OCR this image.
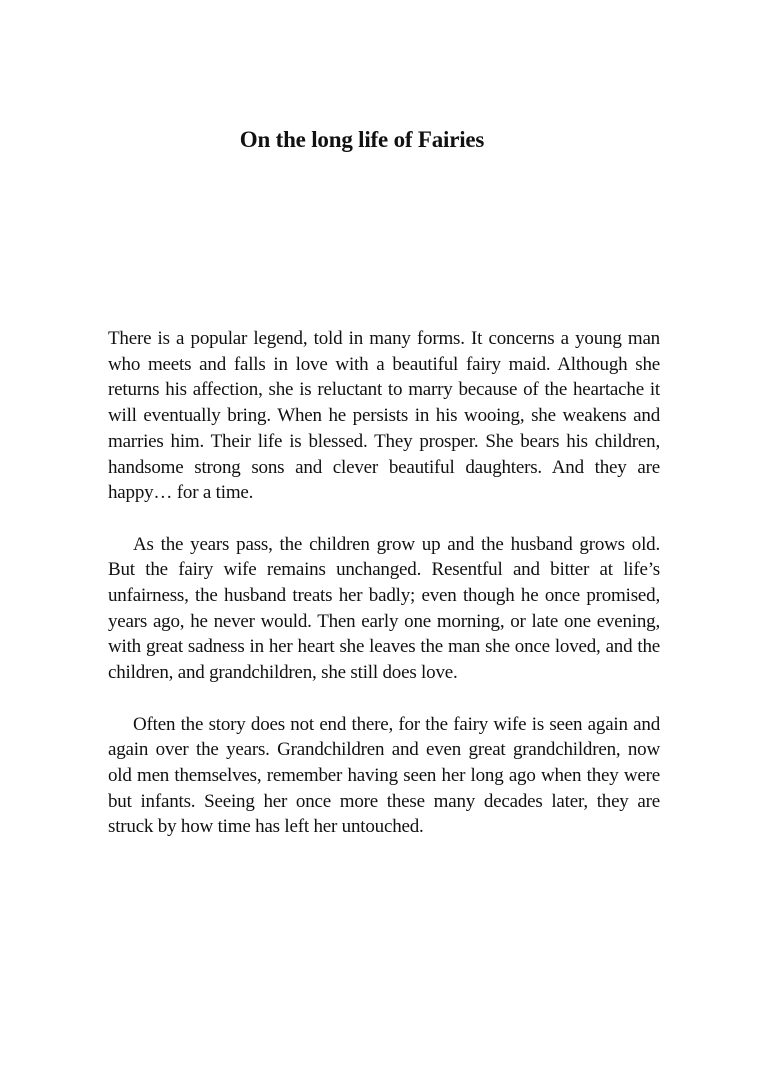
On the long life of Fairies

There is a popular legend, told in many forms. It concerns a young man who meets and falls in love with a beautiful fairy maid. Although she returns his affection, she is reluctant to marry because of the heartache it will eventually bring. When he persists in his wooing, she weakens and marries him. Their life is blessed. They prosper. She bears his children, handsome strong sons and clever beautiful daughters. And they are happy… for a time.

As the years pass, the children grow up and the husband grows old. But the fairy wife remains unchanged. Resentful and bitter at life’s unfairness, the husband treats her badly; even though he once promised, years ago, he never would. Then early one morning, or late one evening, with great sadness in her heart she leaves the man she once loved, and the children, and grandchildren, she still does love.

Often the story does not end there, for the fairy wife is seen again and again over the years. Grandchildren and even great grandchildren, now old men themselves, remember having seen her long ago when they were but infants. Seeing her once more these many decades later, they are struck by how time has left her untouched.
